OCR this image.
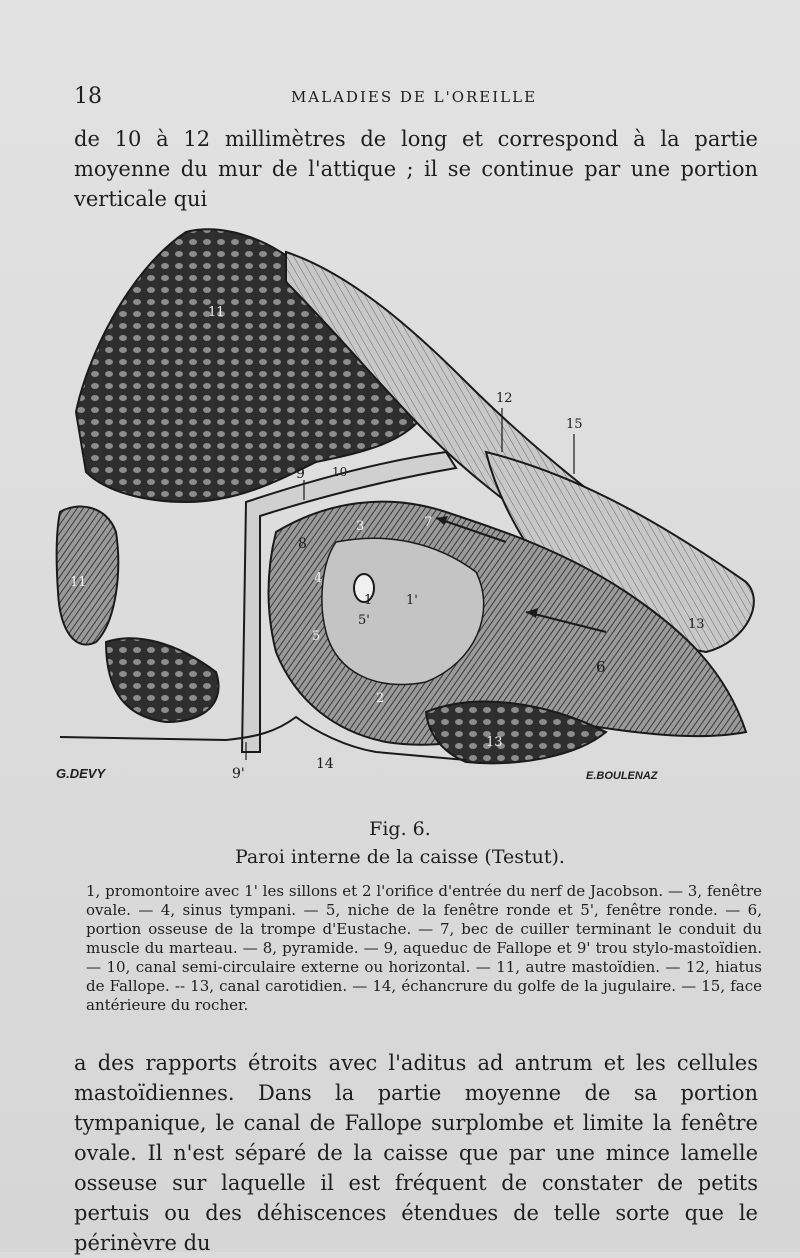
18	MALADIES DE L'OREILLE
de 10 à 12 millimètres de long et correspond à la partie moyenne du mur de l'attique ; il se continue par une portion verticale qui
11
1	1'
2
3
4
5
5'
6
7
8
9
9'
10
11
12
13
13
14
15
G.DEVY	E.BOULENAZ
Fig. 6.
Paroi interne de la caisse (Testut).
1, promontoire avec 1' les sillons et 2 l'orifice d'entrée du nerf de Jacobson. — 3, fenêtre ovale. — 4, sinus tympani. — 5, niche de la fenêtre ronde et 5', fenêtre ronde. — 6, portion osseuse de la trompe d'Eustache. — 7, bec de cuiller terminant le conduit du muscle du marteau. — 8, pyramide. — 9, aqueduc de Fallope et 9' trou stylo-mastoïdien. — 10, canal semi-circulaire externe ou horizontal. — 11, autre mastoïdien. — 12, hiatus de Fallope. -- 13, canal carotidien. — 14, échancrure du golfe de la jugulaire. — 15, face antérieure du rocher.
a des rapports étroits avec l'aditus ad antrum et les cellules mastoïdiennes. Dans la partie moyenne de sa portion tympanique, le canal de Fallope surplombe et limite la fenêtre ovale. Il n'est séparé de la caisse que par une mince lamelle osseuse sur laquelle il est fréquent de constater de petits pertuis ou des déhiscences étendues de telle sorte que le périnèvre du
